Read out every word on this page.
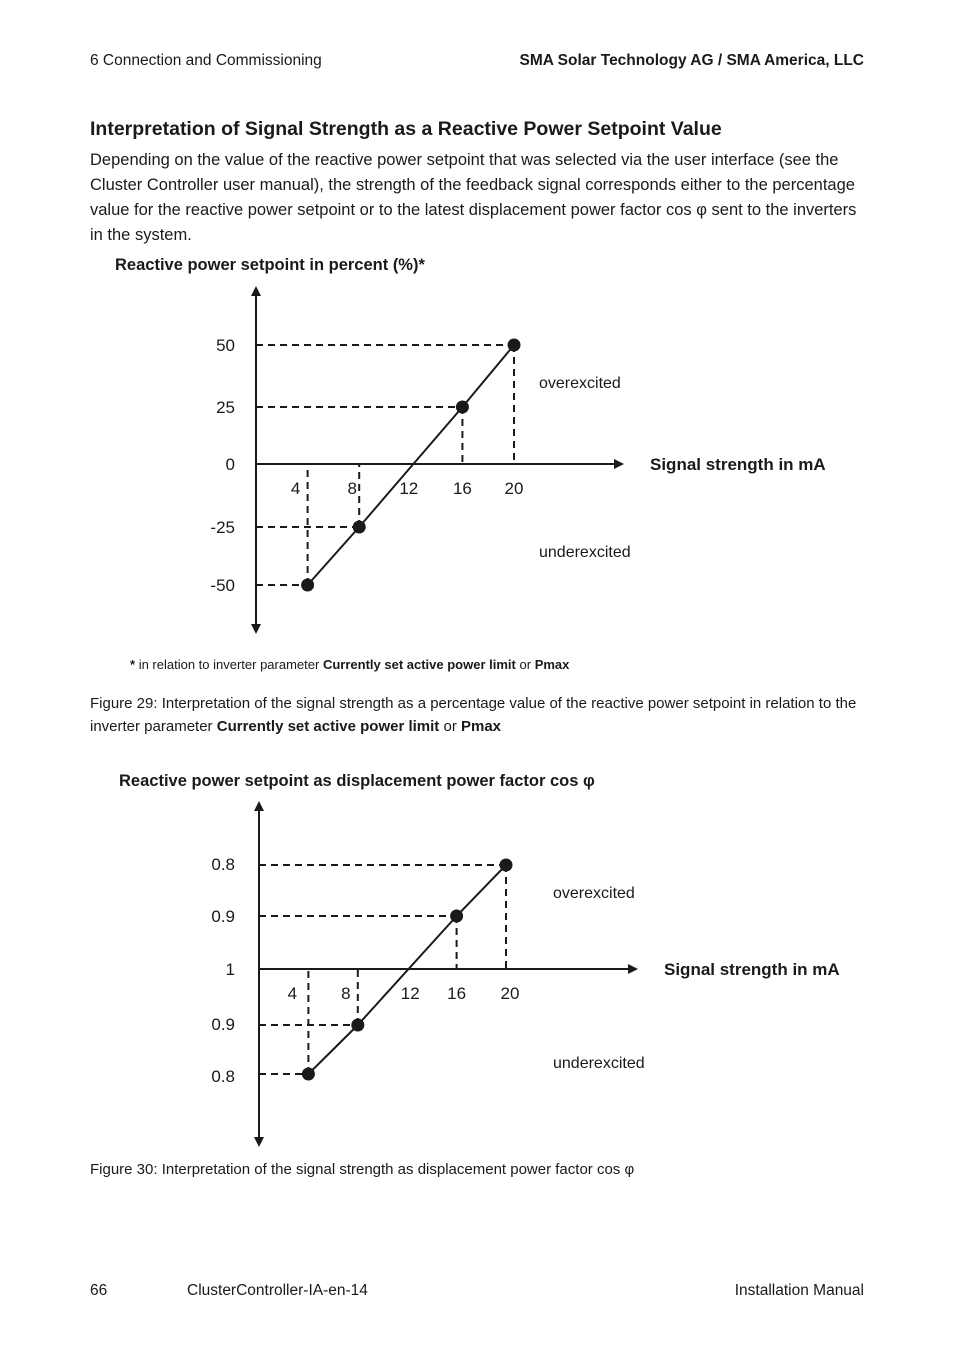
6 Connection and Commissioning	SMA Solar Technology AG / SMA America, LLC
Interpretation of Signal Strength as a Reactive Power Setpoint Value
Depending on the value of the reactive power setpoint that was selected via the user interface (see the Cluster Controller user manual), the strength of the feedback signal corresponds either to the percentage value for the reactive power setpoint or to the latest displacement power factor cos φ sent to the inverters in the system.
Reactive power setpoint in percent (%)*
50
25
0
-25
-50
4	8 12 16 20
Signal strength in mA
overexcited
underexcited
* in relation to inverter parameter Currently set active power limit or Pmax
Figure 29: Interpretation of the signal strength as a percentage value of the reactive power setpoint in relation to the inverter parameter Currently set active power limit or Pmax
Reactive power setpoint as displacement power factor cos φ
0.8
0.9
1
0.9
0.8
4	8	12 16 20
Signal strength in mA
overexcited
underexcited
Figure 30: Interpretation of the signal strength as displacement power factor cos φ
66	ClusterController-IA-en-14	Installation Manual
